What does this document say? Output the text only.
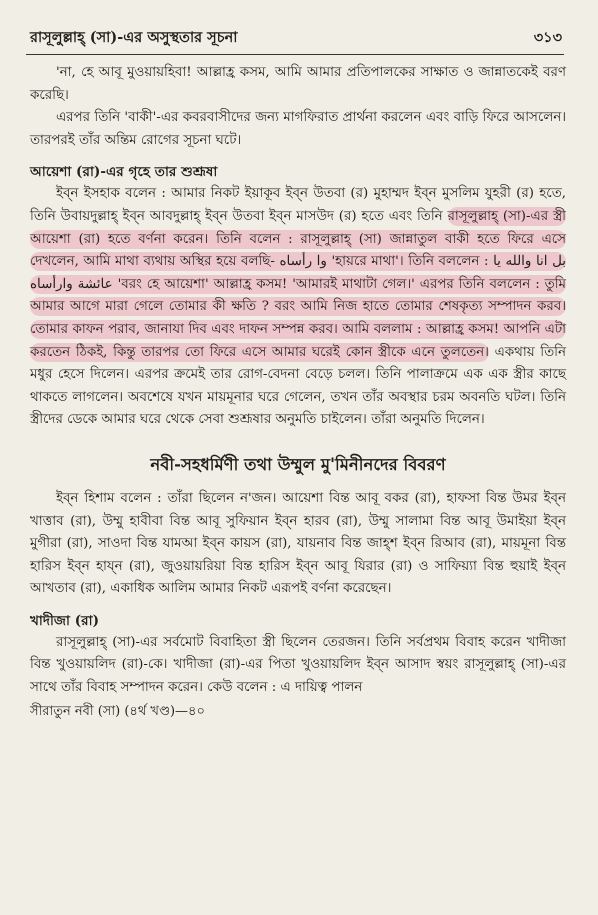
রাসূলুল্লাহ্ (সা)-এর অসুস্থতার সূচনা	৩১৩

'না, হে আবূ মুওয়ায়হিবা! আল্লাহ্র কসম, আমি আমার প্রতিপালকের সাক্ষাত ও জান্নাতকেই বরণ করেছি।

এরপর তিনি 'বাকী'-এর কবরবাসীদের জন্য মাগফিরাত প্রার্থনা করলেন এবং বাড়ি ফিরে আসলেন। তারপরই তাঁর অন্তিম রোগের সূচনা ঘটে।

আয়েশা (রা)-এর গৃহে তার শুশ্রূষা

ইব্ন ইসহাক বলেন : আমার নিকট ইয়াকূব ইব্ন উতবা (র) মুহাম্মদ ইব্ন মুসলিম যুহরী (র) হতে, তিনি উবায়দুল্লাহ্ ইব্ন আবদুল্লাহ্ ইব্ন উতবা ইব্ন মাসউদ (র) হতে এবং তিনি রাসূলুল্লাহ্ (সা)-এর স্ত্রী আয়েশা (রা) হতে বর্ণনা করেন। তিনি বলেন : রাসূলুল্লাহ্ (সা) জান্নাতুল বাকী হতে ফিরে এসে দেখলেন, আমি মাথা ব্যথায় অস্থির হয়ে বলছি- وا رأساه 'হায়রে মাথা'। তিনি বললেন : بل انا والله يا عائشة وارأساه 'বরং হে আয়েশা' আল্লাহ্র কসম! 'আমারই মাথাটা গেল।' এরপর তিনি বললেন : তুমি আমার আগে মারা গেলে তোমার কী ক্ষতি ? বরং আমি নিজ হাতে তোমার শেষকৃত্য সম্পাদন করব। তোমার কাফন পরাব, জানাযা দিব এবং দাফন সম্পন্ন করব। আমি বললাম : আল্লাহ্র কসম! আপনি এটা করতেন ঠিকই, কিন্তু তারপর তো ফিরে এসে আমার ঘরেই কোন স্ত্রীকে এনে তুলতেন। একথায় তিনি মধুর হেসে দিলেন। এরপর ক্রমেই তার রোগ-বেদনা বেড়ে চলল। তিনি পালাক্রমে এক এক স্ত্রীর কাছে থাকতে লাগলেন। অবশেষে যখন মায়মূনার ঘরে গেলেন, তখন তাঁর অবস্থার চরম অবনতি ঘটল। তিনি স্ত্রীদের ডেকে আমার ঘরে থেকে সেবা শুশ্রূষার অনুমতি চাইলেন। তাঁরা অনুমতি দিলেন।

নবী-সহধর্মিণী তথা উম্মুল মু'মিনীনদের বিবরণ

ইব্ন হিশাম বলেন : তাঁরা ছিলেন ন'জন। আয়েশা বিন্ত আবূ বকর (রা), হাফসা বিন্ত উমর ইব্ন খাত্তাব (রা), উম্মু হাবীবা বিন্ত আবূ সুফিয়ান ইব্ন হারব (রা), উম্মু সালামা বিন্ত আবূ উমাইয়া ইব্ন মুগীরা (রা), সাওদা বিন্ত যামআ ইব্ন কায়স (রা), যায়নাব বিন্ত জাহ্শ ইব্ন রিআব (রা), মায়মূনা বিন্ত হারিস ইব্ন হায্ন (রা), জুওয়ায়রিয়া বিন্ত হারিস ইব্ন আবূ যিরার (রা) ও সাফিয়্যা বিন্ত হুয়াই ইব্ন আখতাব (রা), একাধিক আলিম আমার নিকট এরূপই বর্ণনা করেছেন।

খাদীজা (রা)

রাসূলুল্লাহ্ (সা)-এর সর্বমোট বিবাহিতা স্ত্রী ছিলেন তেরজন। তিনি সর্বপ্রথম বিবাহ করেন খাদীজা বিন্ত খুওয়ায়লিদ (রা)-কে। খাদীজা (রা)-এর পিতা খুওয়ায়লিদ ইব্ন আসাদ স্বয়ং রাসূলুল্লাহ্ (সা)-এর সাথে তাঁর বিবাহ সম্পাদন করেন। কেউ বলেন : এ দায়িত্ব পালন

সীরাতুন নবী (সা) (৪র্থ খণ্ড)—৪০
